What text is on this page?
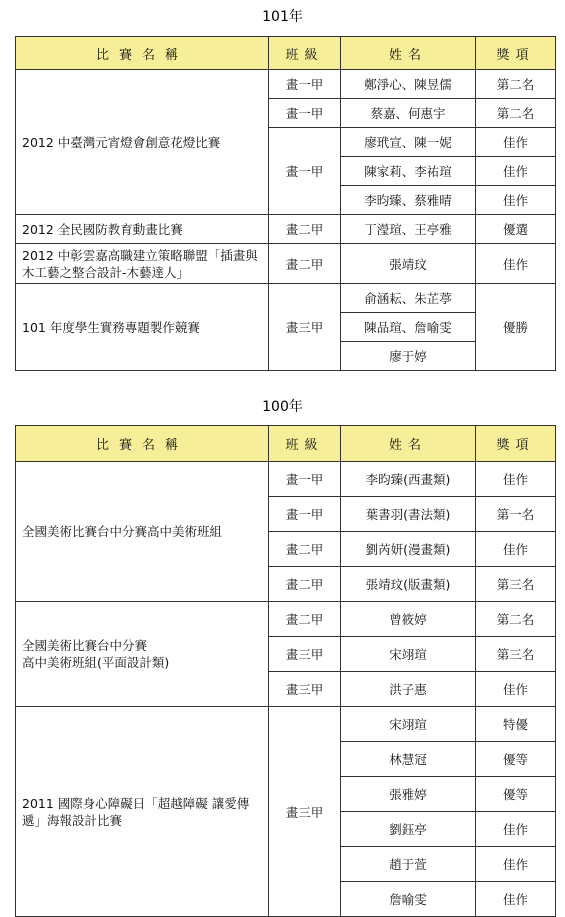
101年
比賽名稱	班級	姓名	獎項
2012 中臺灣元宵燈會創意花燈比賽	畫一甲	鄭淨心、陳昱儒	第二名
	畫一甲	蔡嘉、何惠宇	第二名
	畫一甲	廖玳宣、陳一妮	佳作
		陳家莉、李祐瑄	佳作
		李昀臻、蔡雅晴	佳作
2012 全民國防教育動畫比賽	畫二甲	丁瀅瑄、王亭雅	優選
2012 中彰雲嘉高職建立策略聯盟「插畫與木工藝之整合設計-木藝達人」	畫二甲	張靖玟	佳作
101 年度學生實務專題製作競賽	畫三甲	俞涵耘、朱芷葶	優勝
		陳品瑄、詹喻雯	
		廖于婷	
100年
比賽名稱	班級	姓名	獎項
全國美術比賽台中分賽高中美術班組	畫一甲	李昀臻(西畫類)	佳作
	畫一甲	葉書羽(書法類)	第一名
	畫二甲	劉芮妍(漫畫類)	佳作
	畫二甲	張靖玟(版畫類)	第三名
全國美術比賽台中分賽
高中美術班組(平面設計類)	畫二甲	曾筱婷	第二名
	畫三甲	宋翊瑄	第三名
	畫三甲	洪子惠	佳作
2011 國際身心障礙日「超越障礙 讓愛傳遞」海報設計比賽	畫三甲	宋翊瑄	特優
		林慧冠	優等
		張雅婷	優等
		劉鈺亭	佳作
		趙于萱	佳作
		詹喻雯	佳作
